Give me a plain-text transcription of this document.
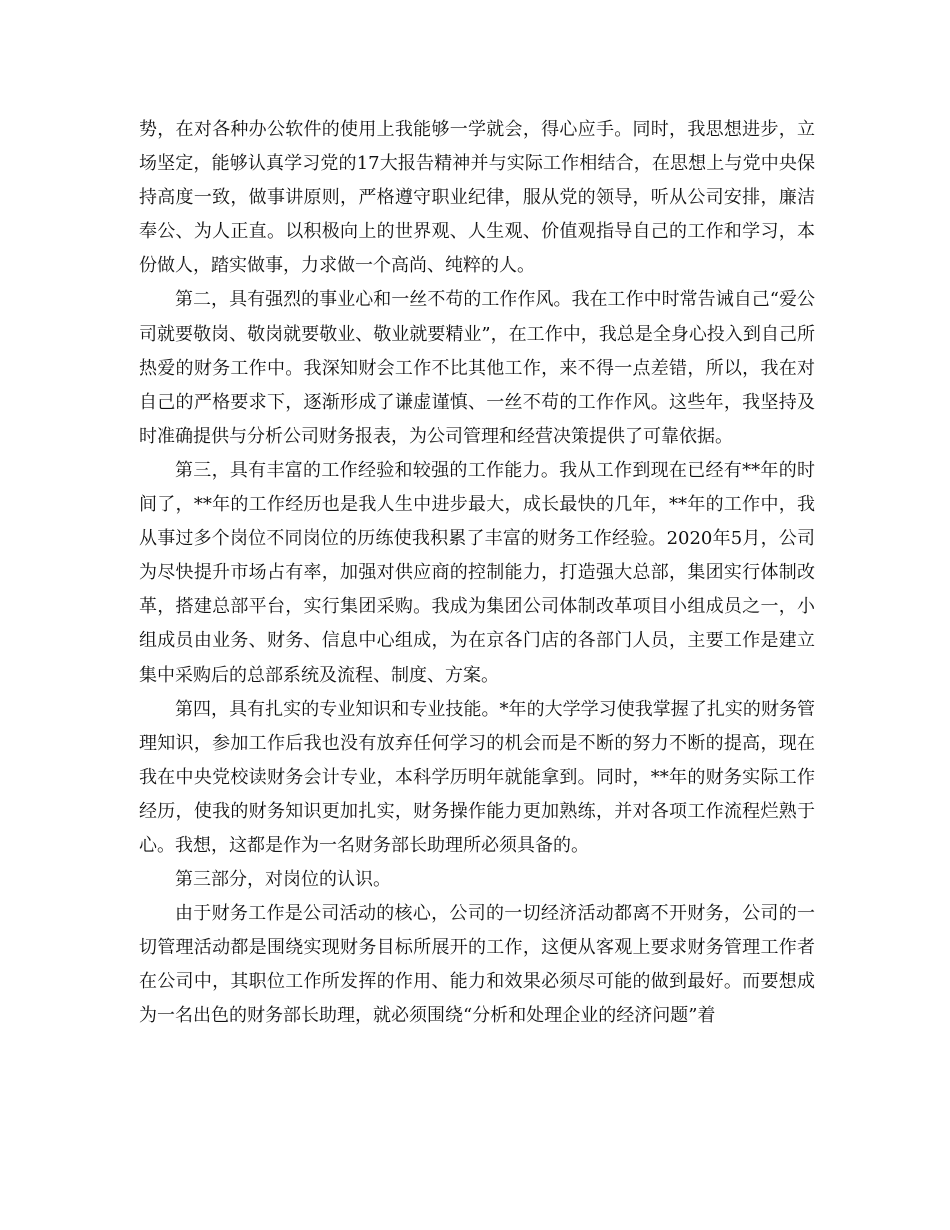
势，在对各种办公软件的使用上我能够一学就会，得心应手。同时，我思想进步，立场坚定，能够认真学习党的17大报告精神并与实际工作相结合，在思想上与党中央保持高度一致，做事讲原则，严格遵守职业纪律，服从党的领导，听从公司安排，廉洁奉公、为人正直。以积极向上的世界观、人生观、价值观指导自己的工作和学习，本份做人，踏实做事，力求做一个高尚、纯粹的人。

第二，具有强烈的事业心和一丝不苟的工作作风。我在工作中时常告诫自己“爱公司就要敬岗、敬岗就要敬业、敬业就要精业”，在工作中，我总是全身心投入到自己所热爱的财务工作中。我深知财会工作不比其他工作，来不得一点差错，所以，我在对自己的严格要求下，逐渐形成了谦虚谨慎、一丝不苟的工作作风。这些年，我坚持及时准确提供与分析公司财务报表，为公司管理和经营决策提供了可靠依据。

第三，具有丰富的工作经验和较强的工作能力。我从工作到现在已经有**年的时间了，**年的工作经历也是我人生中进步最大，成长最快的几年，**年的工作中，我从事过多个岗位不同岗位的历练使我积累了丰富的财务工作经验。2020年5月，公司为尽快提升市场占有率，加强对供应商的控制能力，打造强大总部，集团实行体制改革，搭建总部平台，实行集团采购。我成为集团公司体制改革项目小组成员之一，小组成员由业务、财务、信息中心组成，为在京各门店的各部门人员，主要工作是建立集中采购后的总部系统及流程、制度、方案。

第四，具有扎实的专业知识和专业技能。*年的大学学习使我掌握了扎实的财务管理知识，参加工作后我也没有放弃任何学习的机会而是不断的努力不断的提高，现在我在中央党校读财务会计专业，本科学历明年就能拿到。同时，**年的财务实际工作经历，使我的财务知识更加扎实，财务操作能力更加熟练，并对各项工作流程烂熟于心。我想，这都是作为一名财务部长助理所必须具备的。

第三部分，对岗位的认识。

由于财务工作是公司活动的核心，公司的一切经济活动都离不开财务，公司的一切管理活动都是围绕实现财务目标所展开的工作，这便从客观上要求财务管理工作者在公司中，其职位工作所发挥的作用、能力和效果必须尽可能的做到最好。而要想成为一名出色的财务部长助理，就必须围绕“分析和处理企业的经济问题”着
